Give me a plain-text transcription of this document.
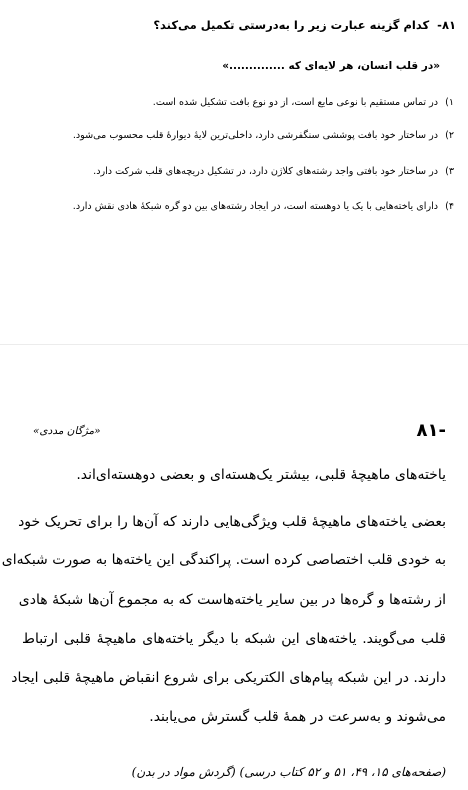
۸۱- کدام گزینه عبارت زیر را به‌درستی تکمیل می‌کند؟
«در قلب انسان، هر لایه‌ای که ..............»
۱) در تماس مستقیم با نوعی مایع است، از دو نوع بافت تشکیل شده است.
۲) در ساختار خود بافت پوششی سنگفرشی دارد، داخلی‌ترین لایهٔ دیوارهٔ قلب محسوب می‌شود.
۳) در ساختار خود بافتی واجد رشته‌های کلاژن دارد، در تشکیل دریچه‌های قلب شرکت دارد.
۴) دارای یاخته‌هایی با یک یا دوهسته است، در ایجاد رشته‌های بین دو گره شبکهٔ هادی نقش دارد.
۸۱-
«مژگان مددی»
یاخته‌های ماهیچهٔ قلبی، بیشتر یک‌هسته‌ای و بعضی دوهسته‌ای‌اند.
بعضی یاخته‌های ماهیچهٔ قلب ویژگی‌هایی دارند که آن‌ها را برای تحریک خود
به خودی قلب اختصاصی کرده است. پراکندگی این یاخته‌ها به صورت شبکه‌ای
از رشته‌ها و گره‌ها در بین سایر یاخته‌هاست که به مجموع آن‌ها شبکهٔ هادی
قلب می‌گویند. یاخته‌های این شبکه با دیگر یاخته‌های ماهیچهٔ قلبی ارتباط
دارند. در این شبکه پیام‌های الکتریکی برای شروع انقباض ماهیچهٔ قلبی ایجاد
می‌شوند و به‌سرعت در همهٔ قلب گسترش می‌یابند.
(صفحه‌های ۱۵، ۴۹، ۵۱ و ۵۲ کتاب درسی) (گردش مواد در بدن)
